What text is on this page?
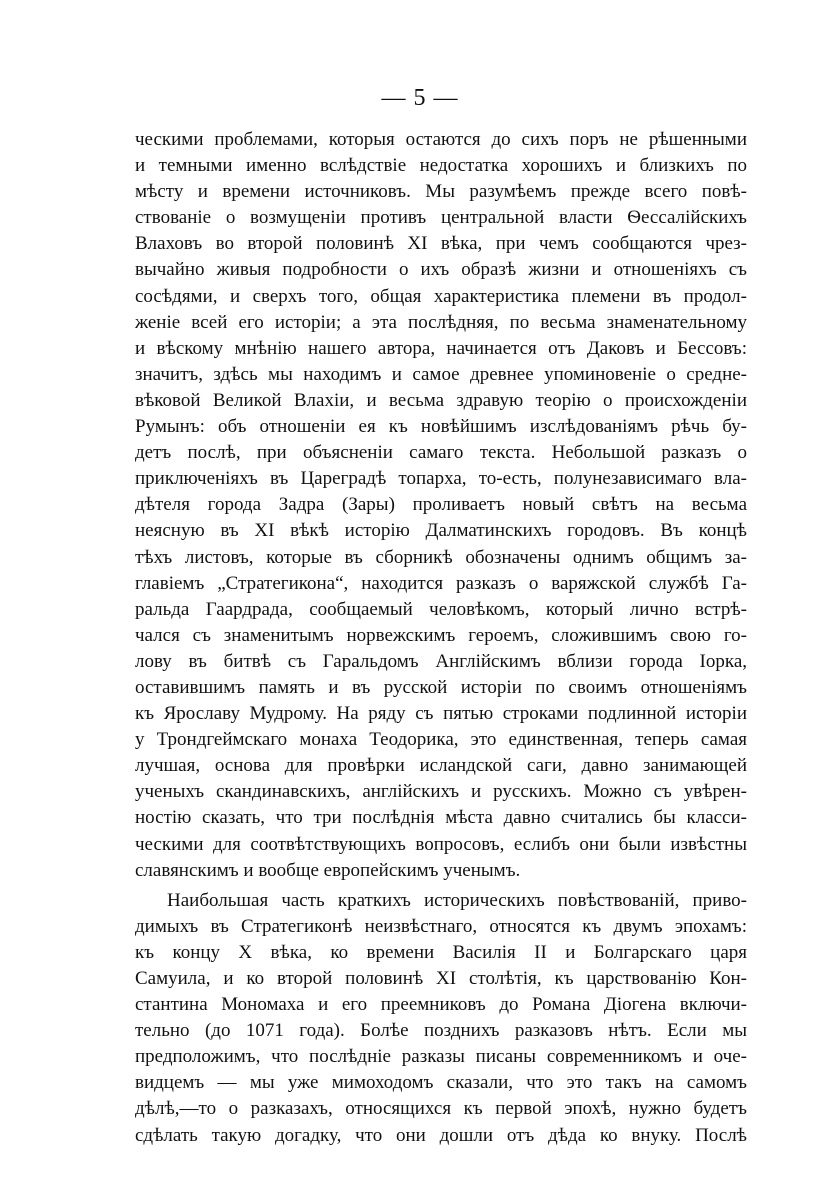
— 5 —
ческими проблемами, которыя остаются до сихъ поръ не рѣшенными
и темными именно вслѣдствіе недостатка хорошихъ и близкихъ по
мѣсту и времени источниковъ. Мы разумѣемъ прежде всего повѣ-
ствованіе о возмущеніи противъ центральной власти Ѳессалійскихъ
Влаховъ во второй половинѣ XI вѣка, при чемъ сообщаются чрез-
вычайно живыя подробности о ихъ образѣ жизни и отношеніяхъ съ
сосѣдями, и сверхъ того, общая характеристика племени въ продол-
женіе всей его исторіи; а эта послѣдняя, по весьма знаменательному
и вѣскому мнѣнію нашего автора, начинается отъ Даковъ и Бессовъ:
значитъ, здѣсь мы находимъ и самое древнее упоминовеніе о средне-
вѣковой Великой Влахіи, и весьма здравую теорію о происхожденіи
Румынъ: объ отношеніи ея къ новѣйшимъ изслѣдованіямъ рѣчь бу-
детъ послѣ, при объясненіи самаго текста. Небольшой разказъ о
приключеніяхъ въ Цареградѣ топарха, то-есть, полунезависимаго вла-
дѣтеля города Задра (Зары) проливаетъ новый свѣтъ на весьма
неясную въ XI вѣкѣ исторію Далматинскихъ городовъ. Въ концѣ
тѣхъ листовъ, которые въ сборникѣ обозначены однимъ общимъ за-
главіемъ „Стратегикона“, находится разказъ о варяжской службѣ Га-
ральда Гаардрада, сообщаемый человѣкомъ, который лично встрѣ-
чался съ знаменитымъ норвежскимъ героемъ, сложившимъ свою го-
лову въ битвѣ съ Гаральдомъ Англійскимъ вблизи города Іорка,
оставившимъ память и въ русской исторіи по своимъ отношеніямъ
къ Ярославу Мудрому. На ряду съ пятью строками подлинной исторіи
у Трондгеймскаго монаха Теодорика, это единственная, теперь самая
лучшая, основа для провѣрки исландской саги, давно занимающей
ученыхъ скандинавскихъ, англійскихъ и русскихъ. Можно съ увѣрен-
ностію сказать, что три послѣднія мѣста давно считались бы класси-
ческими для соотвѣтствующихъ вопросовъ, еслибъ они были извѣстны
славянскимъ и вообще европейскимъ ученымъ.
Наибольшая часть краткихъ историческихъ повѣствованій, приво-
димыхъ въ Стратегиконѣ неизвѣстнаго, относятся къ двумъ эпохамъ:
къ концу X вѣка, ко времени Василія II и Болгарскаго царя
Самуила, и ко второй половинѣ XI столѣтія, къ царствованію Кон-
стантина Мономаха и его преемниковъ до Романа Діогена включи-
тельно (до 1071 года). Болѣе позднихъ разказовъ нѣтъ. Если мы
предположимъ, что послѣдніе разказы писаны современникомъ и оче-
видцемъ — мы уже мимоходомъ сказали, что это такъ на самомъ
дѣлѣ,—то о разказахъ, относящихся къ первой эпохѣ, нужно будетъ
сдѣлать такую догадку, что они дошли отъ дѣда ко внуку. Послѣ
